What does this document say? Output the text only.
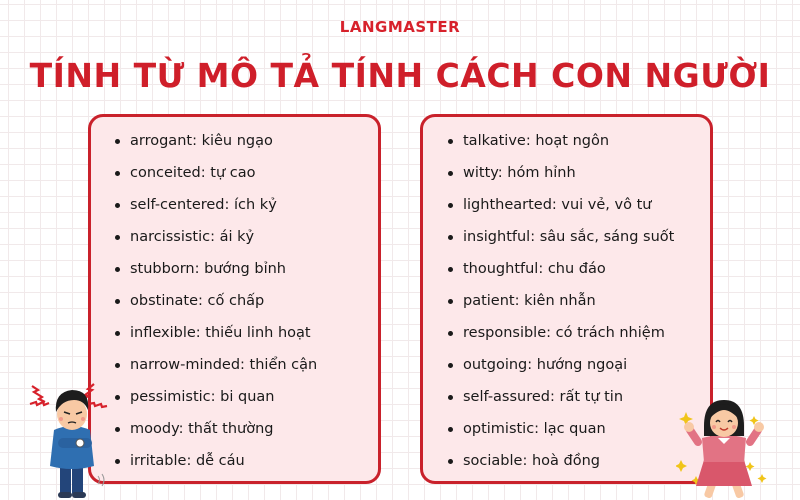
LANGMASTER
TÍNH TỪ MÔ TẢ TÍNH CÁCH CON NGƯỜI
arrogant: kiêu ngạo
conceited: tự cao
self-centered: ích kỷ
narcissistic: ái kỷ
stubborn: bướng bỉnh
obstinate: cố chấp
inflexible: thiếu linh hoạt
narrow-minded: thiển cận
pessimistic: bi quan
moody: thất thường
irritable: dễ cáu
talkative: hoạt ngôn
witty: hóm hỉnh
lighthearted: vui vẻ, vô tư
insightful: sâu sắc, sáng suốt
thoughtful: chu đáo
patient: kiên nhẫn
responsible: có trách nhiệm
outgoing: hướng ngoại
self-assured: rất tự tin
optimistic: lạc quan
sociable: hoà đồng
